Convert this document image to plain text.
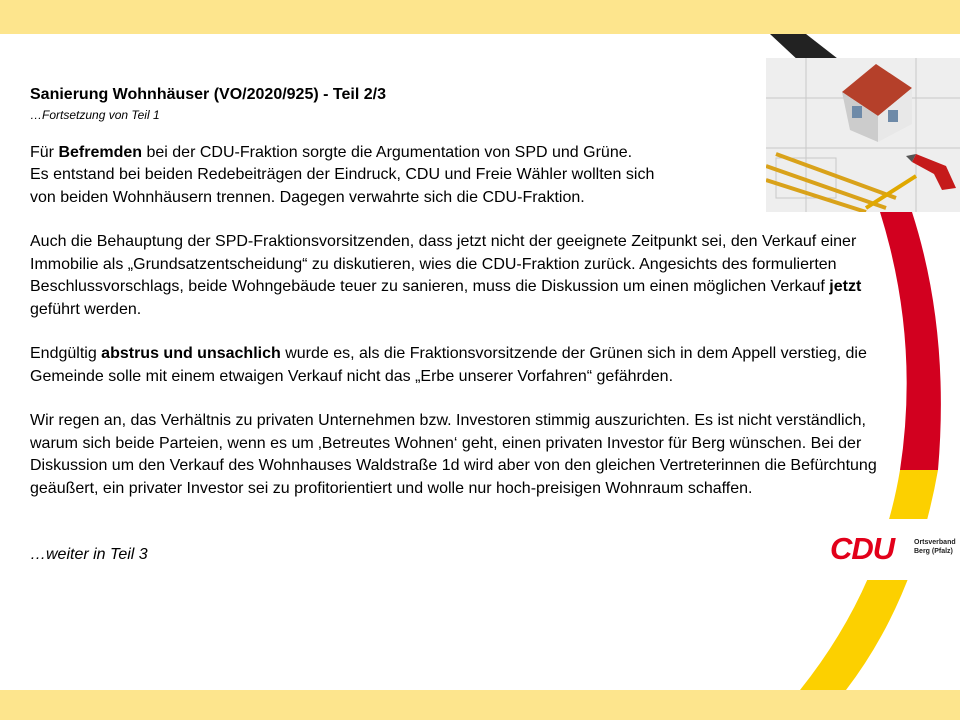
Sanierung Wohnhäuser (VO/2020/925) - Teil 2/3

…Fortsetzung von Teil 1

Für Befremden bei der CDU-Fraktion sorgte die Argumentation von SPD und Grüne.
Es entstand bei beiden Redebeiträgen der Eindruck, CDU und Freie Wähler wollten sich
von beiden Wohnhäusern trennen. Dagegen verwahrte sich die CDU-Fraktion.

Auch die Behauptung der SPD-Fraktionsvorsitzenden, dass jetzt nicht der geeignete Zeitpunkt sei, den Verkauf einer Immobilie als „Grundsatzentscheidung“ zu diskutieren, wies die CDU-Fraktion zurück. Angesichts des formulierten Beschlussvorschlags, beide Wohngebäude teuer zu sanieren, muss die Diskussion um einen möglichen Verkauf jetzt geführt werden.

Endgültig abstrus und unsachlich wurde es, als die Fraktionsvorsitzende der Grünen sich in dem Appell verstieg, die Gemeinde solle mit einem etwaigen Verkauf nicht das „Erbe unserer Vorfahren“ gefährden.

Wir regen an, das Verhältnis zu privaten Unternehmen bzw. Investoren stimmig auszurichten. Es ist nicht verständlich, warum sich beide Parteien, wenn es um ‚Betreutes Wohnen‘ geht, einen privaten Investor für Berg wünschen. Bei der Diskussion um den Verkauf des Wohnhauses Waldstraße 1d wird aber von den gleichen Vertreterinnen die Befürchtung geäußert, ein privater Investor sei zu profitorientiert und wolle nur hoch-preisigen Wohnraum schaffen.

…weiter in Teil 3	CDU	Ortsverband
Berg (Pfalz)
